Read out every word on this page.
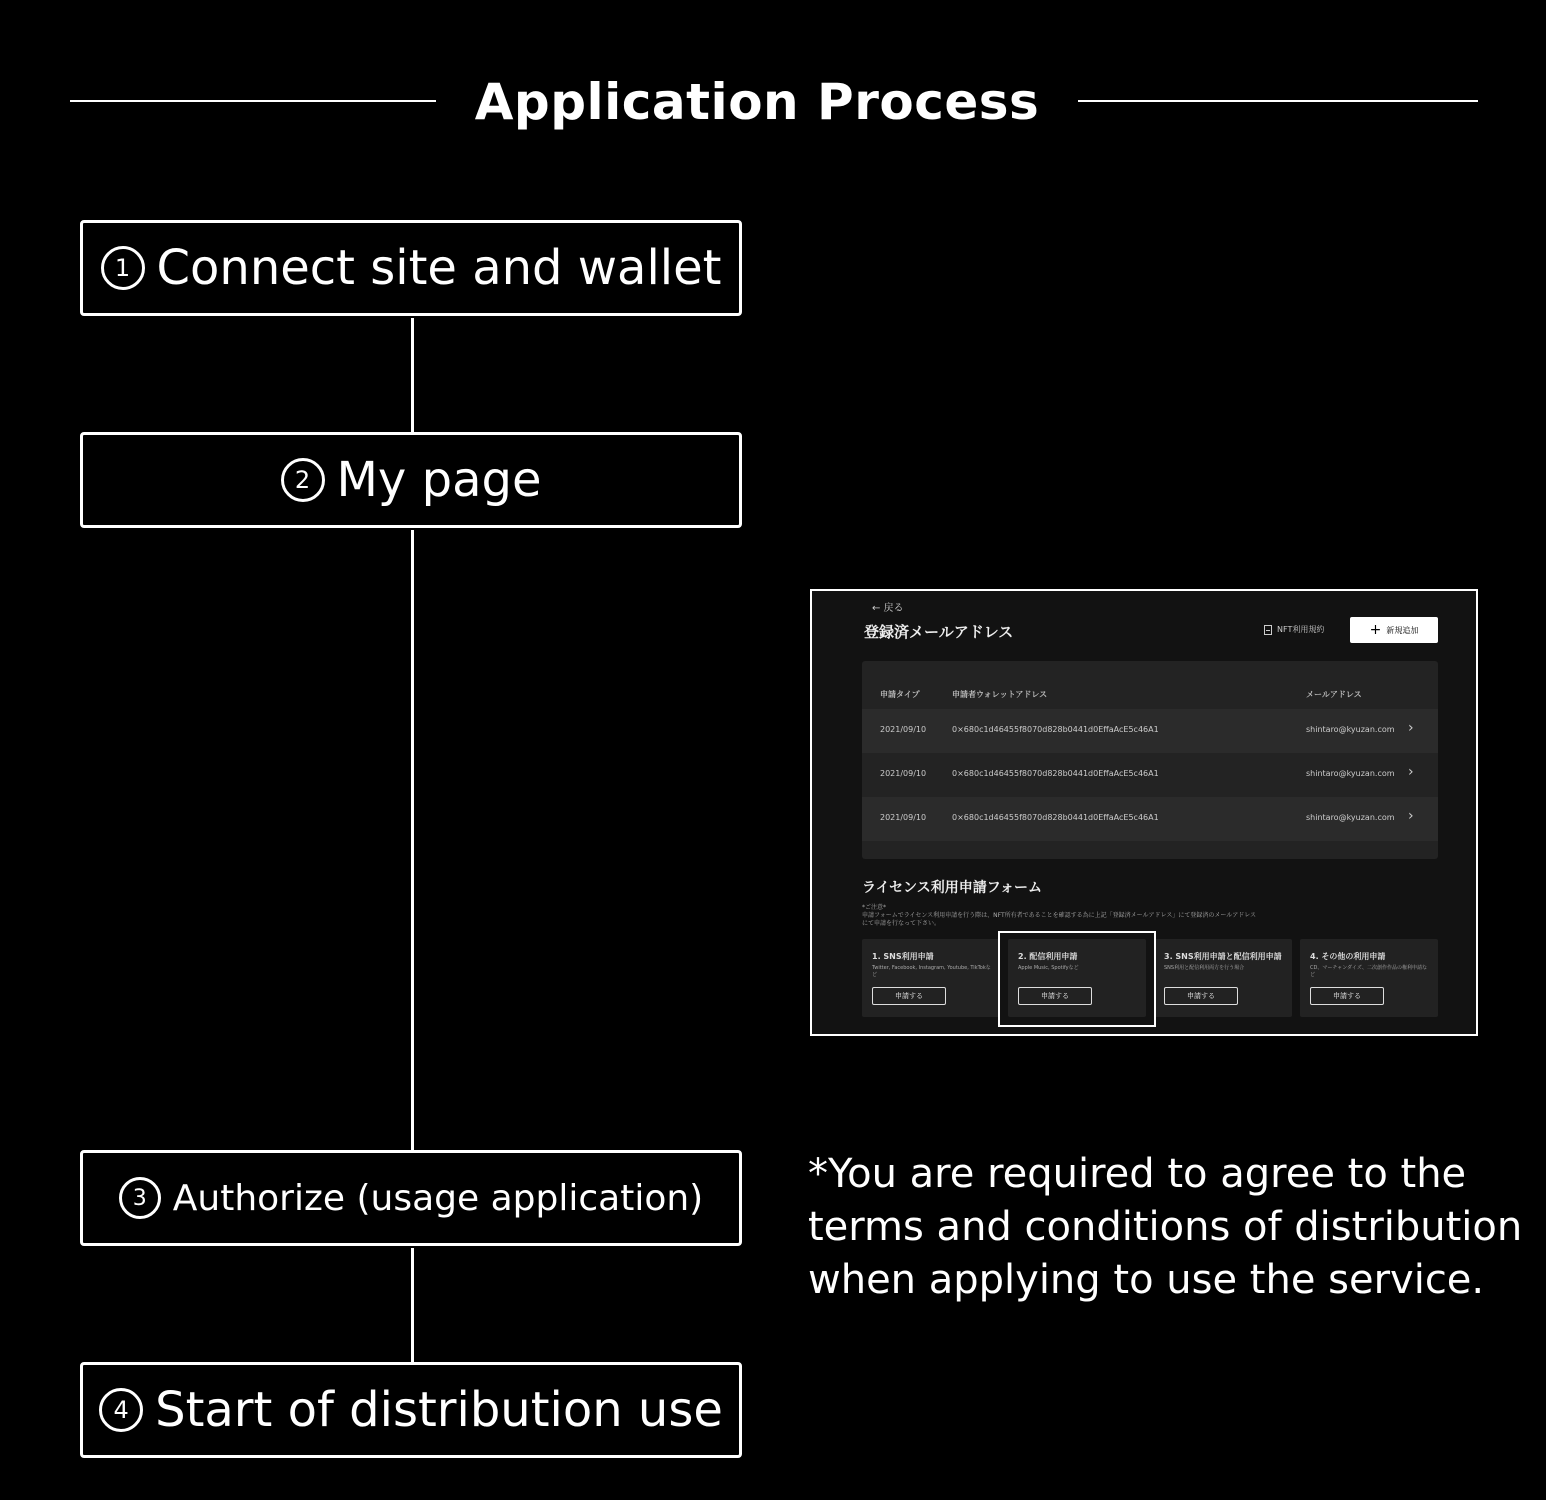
Application Process
1 Connect site and wallet
2 My page
3 Authorize (usage application)
4 Start of distribution use
*You are required to agree to the terms and conditions of distribution when applying to use the service.
← 戻る
登録済メールアドレス	NFT利用規約	+ 新規追加
申請タイプ	申請者ウォレットアドレス	メールアドレス
2021/09/10	0×680c1d46455f8070d828b0441d0EffaAcE5c46A1	shintaro@kyuzan.com ›
2021/09/10	0×680c1d46455f8070d828b0441d0EffaAcE5c46A1	shintaro@kyuzan.com ›
2021/09/10	0×680c1d46455f8070d828b0441d0EffaAcE5c46A1	shintaro@kyuzan.com ›
ライセンス利用申請フォーム
*ご注意*
申請フォームでライセンス利用申請を行う際は、NFT所有者であることを確認する為に上記「登録済メールアドレス」にて登録済のメールアドレスにて申請を行なって下さい。
1. SNS利用申請
Twitter, Facebook, Instagram, Youtube, TikTokなど
申請する
2. 配信利用申請
Apple Music, Spotifyなど
申請する
3. SNS利用申請と配信利用申請
SNS利用と配信利用両方を行う場合
申請する
4. その他の利用申請
CD、マーチャンダイズ、二次創作作品の権利申請など
申請する
